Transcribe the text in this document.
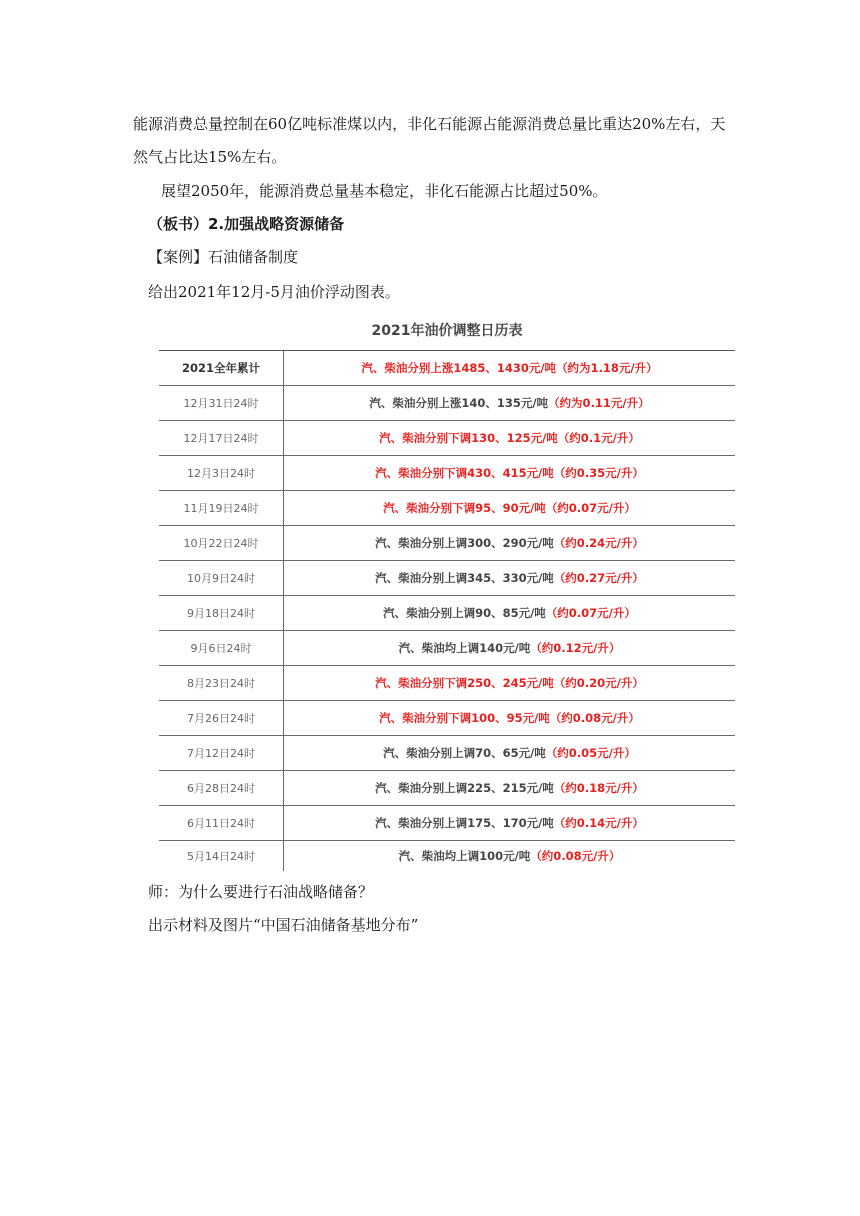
能源消费总量控制在60亿吨标准煤以内，非化石能源占能源消费总量比重达20%左右，天
然气占比达15%左右。
展望2050年，能源消费总量基本稳定，非化石能源占比超过50%。
（板书）2.加强战略资源储备
【案例】石油储备制度
给出2021年12月-5月油价浮动图表。
2021年油价调整日历表
2021全年累计	汽、柴油分别上涨1485、1430元/吨 （约为1.18元/升）
12月31日24时	汽、柴油分别上涨140、135元/吨 （约为0.11元/升）
12月17日24时	汽、柴油分别下调130、125元/吨 （约0.1元/升）
12月3日24时	汽、柴油分别下调430、415元/吨 （约0.35元/升）
11月19日24时	汽、柴油分别下调95、90元/吨 （约0.07元/升）
10月22日24时	汽、柴油分别上调300、290元/吨 （约0.24元/升）
10月9日24时	汽、柴油分别上调345、330元/吨 （约0.27元/升）
9月18日24时	汽、柴油分别上调90、85元/吨 （约0.07元/升）
9月6日24时	汽、柴油均上调140元/吨 （约0.12元/升）
8月23日24时	汽、柴油分别下调250、245元/吨 （约0.20元/升）
7月26日24时	汽、柴油分别下调100、95元/吨 （约0.08元/升）
7月12日24时	汽、柴油分别上调70、65元/吨 （约0.05元/升）
6月28日24时	汽、柴油分别上调225、215元/吨 （约0.18元/升）
6月11日24时	汽、柴油分别上调175、170元/吨 （约0.14元/升）
5月14日24时	汽、柴油均上调100元/吨 （约0.08元/升）
师：为什么要进行石油战略储备？
出示材料及图片“中国石油储备基地分布”
